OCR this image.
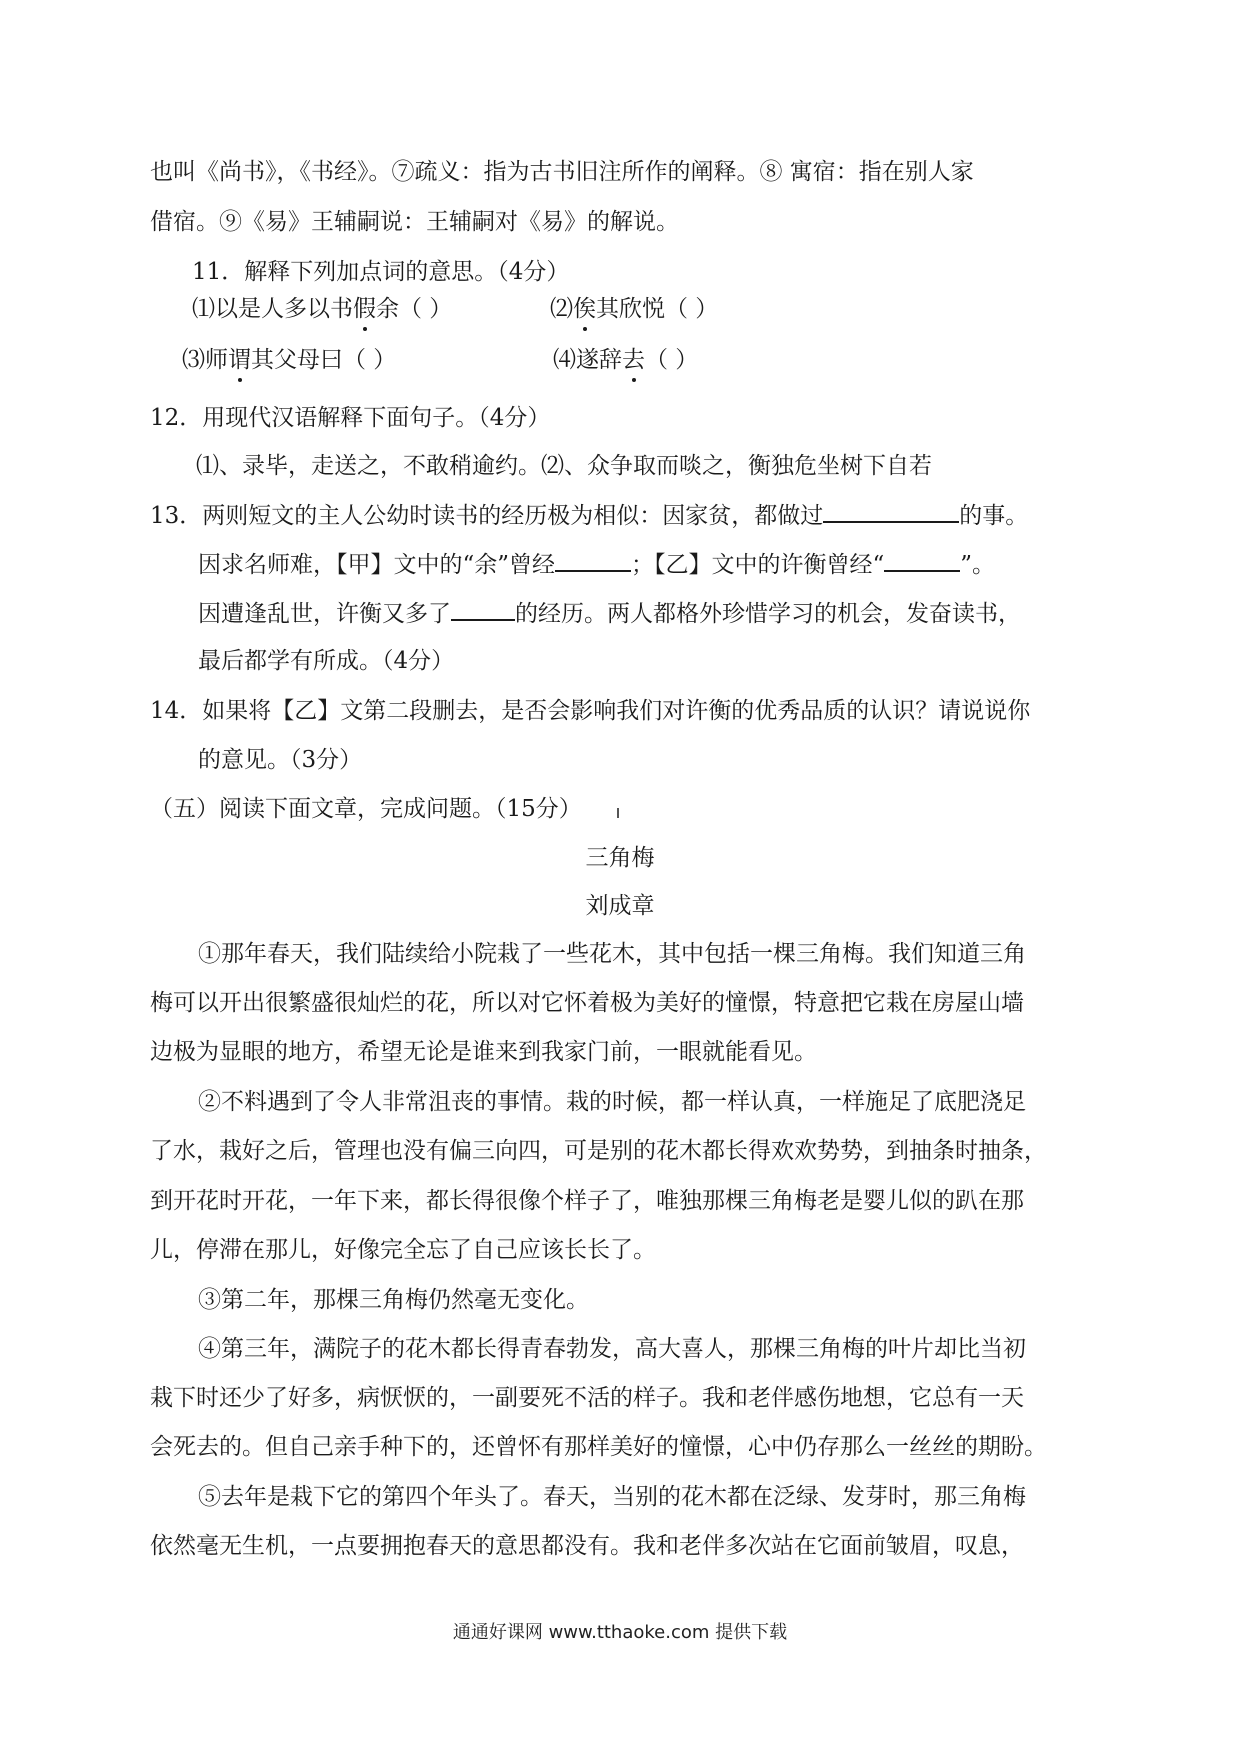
也叫《尚书》，《书经》。⑦疏义：指为古书旧注所作的阐释。⑧ 寓宿：指在别人家
借宿。⑨《易》王辅嗣说：王辅嗣对《易》的解说。
11．解释下列加点词的意思。（4分）
⑴以是人多以书假余（ ）	⑵俟其欣悦（ ）
⑶师谓其父母曰（ ）	⑷遂辞去（ ）
12．用现代汉语解释下面句子。（4分）
⑴、录毕，走送之，不敢稍逾约。⑵、众争取而啖之，衡独危坐树下自若
13．两则短文的主人公幼时读书的经历极为相似：因家贫，都做过	的事。
因求名师难，【甲】文中的“余”曾经	；【乙】文中的许衡曾经“	”。
因遭逢乱世，许衡又多了	的经历。两人都格外珍惜学习的机会，发奋读书，
最后都学有所成。（4分）
14．如果将【乙】文第二段删去，是否会影响我们对许衡的优秀品质的认识？请说说你
的意见。（3分）
（五）阅读下面文章，完成问题。（15分）
三角梅
刘成章
①那年春天，我们陆续给小院栽了一些花木，其中包括一棵三角梅。我们知道三角
梅可以开出很繁盛很灿烂的花，所以对它怀着极为美好的憧憬，特意把它栽在房屋山墙
边极为显眼的地方，希望无论是谁来到我家门前，一眼就能看见。
②不料遇到了令人非常沮丧的事情。栽的时候，都一样认真，一样施足了底肥浇足
了水，栽好之后，管理也没有偏三向四，可是别的花木都长得欢欢势势，到抽条时抽条，
到开花时开花，一年下来，都长得很像个样子了，唯独那棵三角梅老是婴儿似的趴在那
儿，停滞在那儿，好像完全忘了自己应该长长了。
③第二年，那棵三角梅仍然毫无变化。
④第三年，满院子的花木都长得青春勃发，高大喜人，那棵三角梅的叶片却比当初
栽下时还少了好多，病恹恹的，一副要死不活的样子。我和老伴感伤地想，它总有一天
会死去的。但自己亲手种下的，还曾怀有那样美好的憧憬，心中仍存那么一丝丝的期盼。
⑤去年是栽下它的第四个年头了。春天，当别的花木都在泛绿、发芽时，那三角梅
依然毫无生机，一点要拥抱春天的意思都没有。我和老伴多次站在它面前皱眉，叹息，
通通好课网 www.tthaoke.com 提供下载
